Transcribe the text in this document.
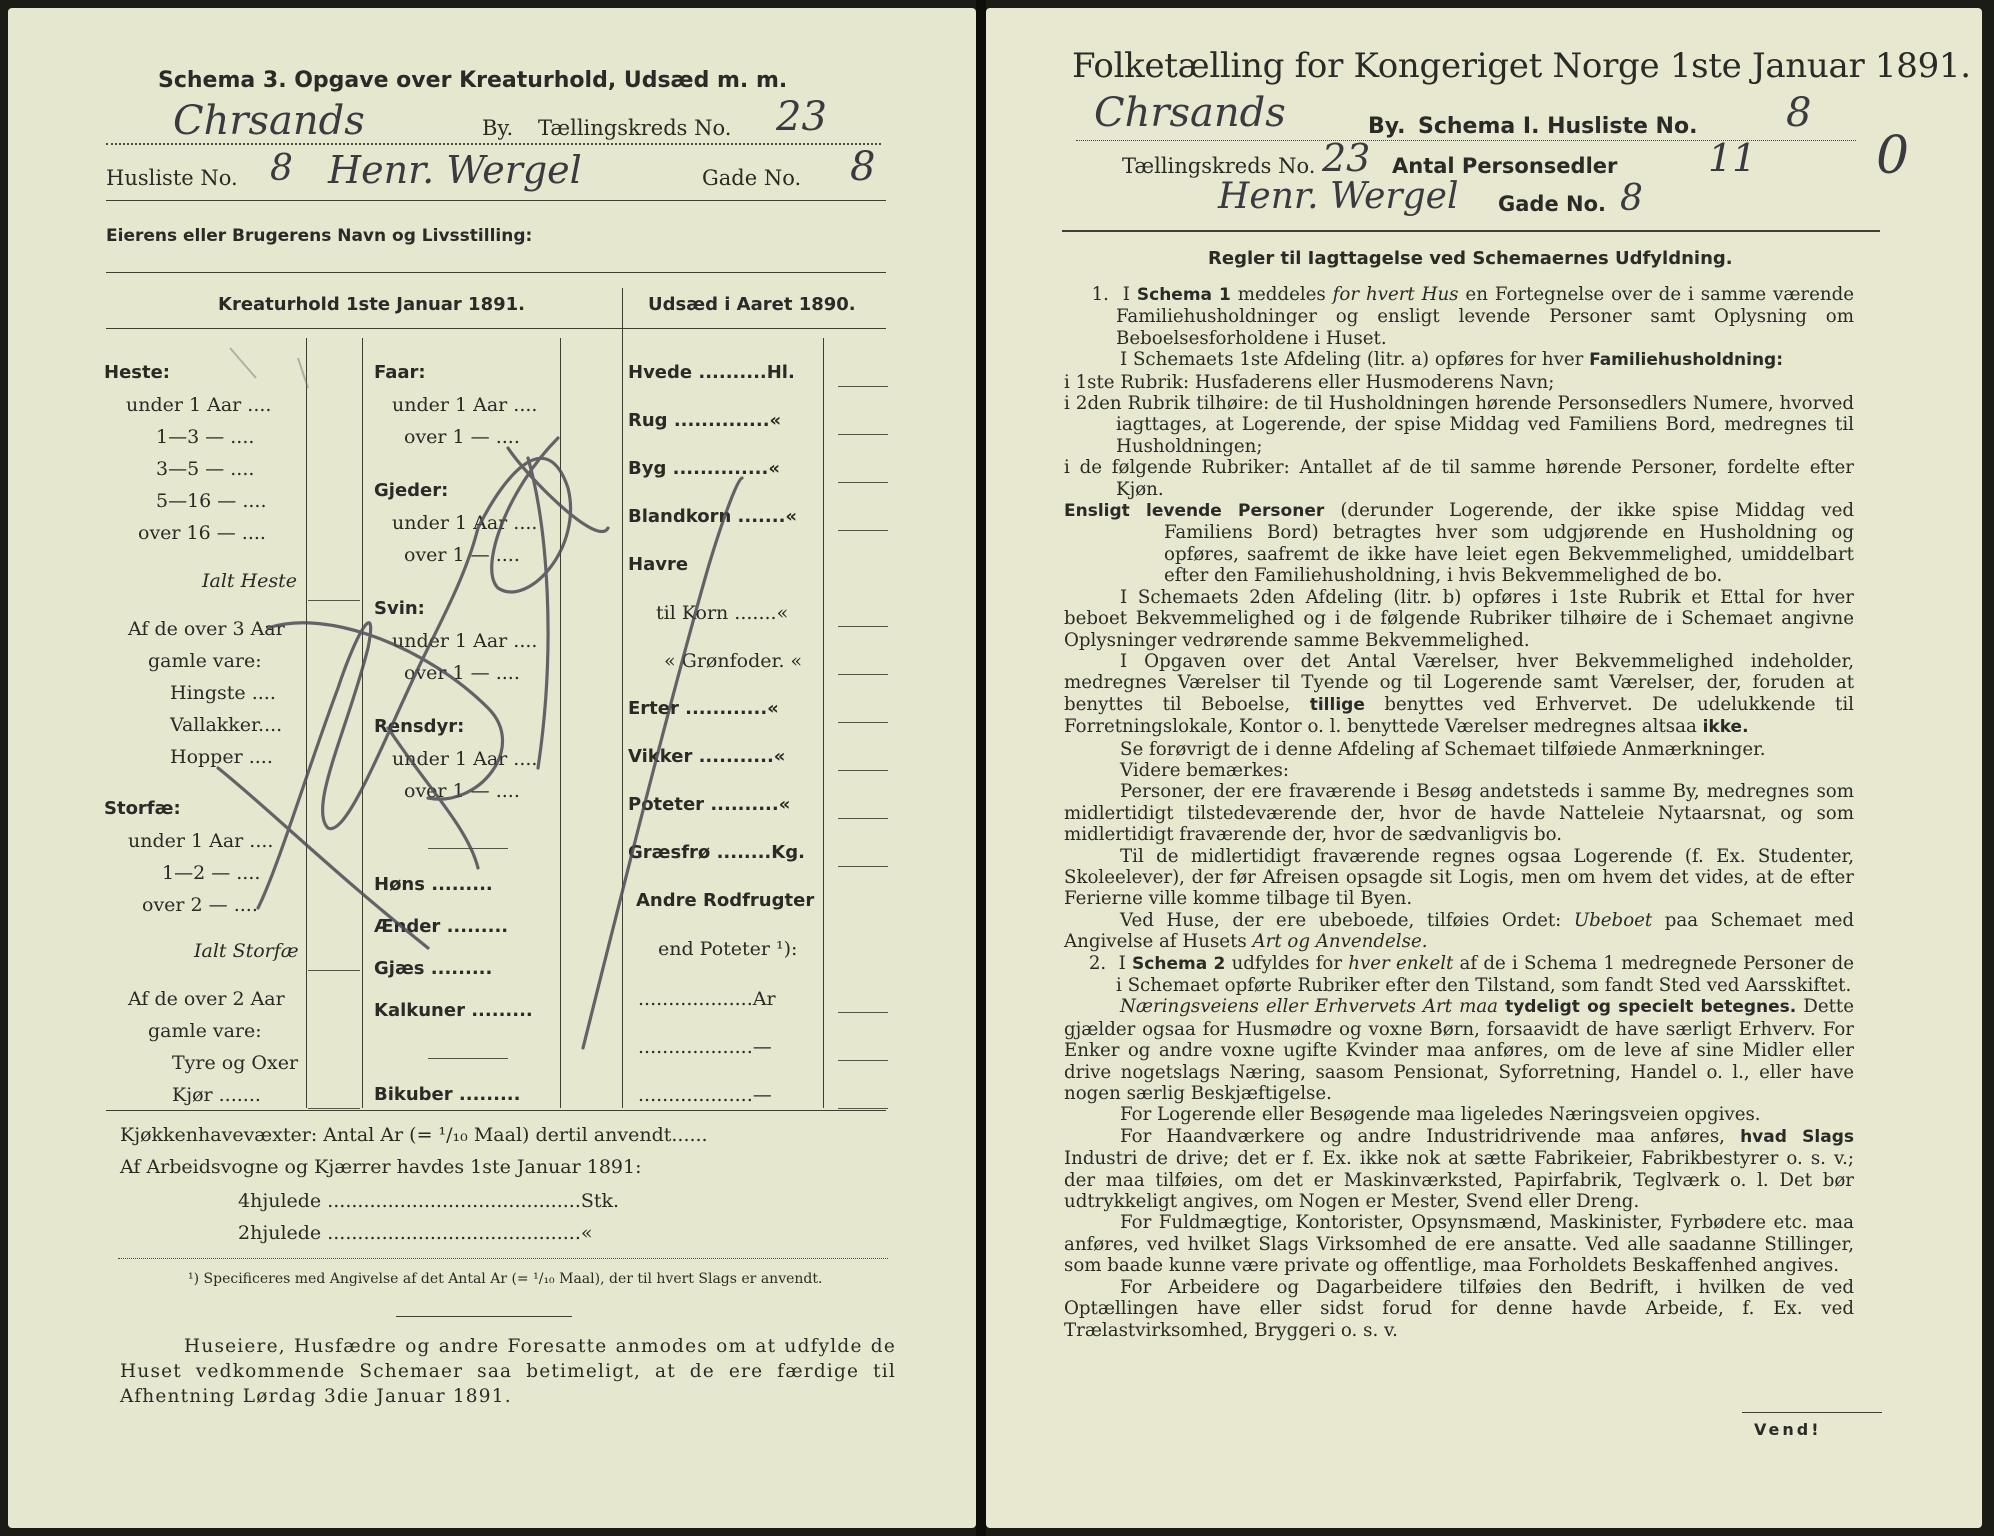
Schema 3. Opgave over Kreaturhold, Udsæd m. m.
Chrsands	By. Tællingskreds No. 23
Husliste No. 8 Henr. Wergel	Gade No. 8
Eierens eller Brugerens Navn og Livsstilling:
Kreaturhold 1ste Januar 1891.	Udsæd i Aaret 1890.
Heste:
under 1 Aar ....
1—3 — ....
3—5 — ....
5—16 — ....
over 16 — ....
Ialt Heste
Af de over 3 Aar
gamle vare:
Hingste ....
Vallakker....
Hopper ....
Storfæ:
under 1 Aar ....
1—2 — ....
over 2 — ....
Ialt Storfæ
Af de over 2 Aar
gamle vare:
Tyre og Oxer
Kjør .......
Faar:
under 1 Aar ....
over 1 — ....
Gjeder:
under 1 Aar ....
over 1 — ....
Svin:
under 1 Aar ....
over 1 — ....
Rensdyr:
under 1 Aar ....
over 1 — ....
Høns .........
Ænder .........
Gjæs .........
Kalkuner .........
Bikuber .........
Hvede ..........Hl.
Rug ..............«
Byg ..............«
Blandkorn .......«
Havre
til Korn .......«
« Grønfoder. «
Erter ............«
Vikker ...........«
Poteter ..........«
Græsfrø ........Kg.
Andre Rodfrugter
end Poteter ¹):
...................Ar
...................—
...................—
Kjøkkenhavevæxter: Antal Ar (= ¹/₁₀ Maal) dertil anvendt......
Af Arbeidsvogne og Kjærrer havdes 1ste Januar 1891:
4hjulede ..........................................Stk.
2hjulede ..........................................«
¹) Specificeres med Angivelse af det Antal Ar (= ¹/₁₀ Maal), der til hvert Slags er anvendt.
Huseiere, Husfædre og andre Foresatte anmodes om at udfylde de Huset vedkommende Schemaer saa betimeligt, at de ere færdige til Afhentning Lørdag 3die Januar 1891.
Folketælling for Kongeriget Norge 1ste Januar 1891.
Chrsands	By. Schema I. Husliste No. 8
Tællingskreds No. 23 Antal Personsedler 11 0
Henr. Wergel Gade No. 8
Regler til Iagttagelse ved Schemaernes Udfyldning.

1.  I Schema 1 meddeles for hvert Hus en Fortegnelse over de i samme værende Familiehusholdninger og ensligt levende Personer samt Oplysning om Beboelsesforholdene i Huset.

I Schemaets 1ste Afdeling (litr. a) opføres for hver Familiehusholdning:

i 1ste Rubrik: Husfaderens eller Husmoderens Navn;

i 2den Rubrik tilhøire: de til Husholdningen hørende Personsedlers Numere, hvorved iagttages, at Logerende, der spise Middag ved Familiens Bord, medregnes til Husholdningen;

i de følgende Rubriker: Antallet af de til samme hørende Personer, fordelte efter Kjøn.

Ensligt levende Personer (derunder Logerende, der ikke spise Middag ved Familiens Bord) betragtes hver som udgjørende en Husholdning og opføres, saafremt de ikke have leiet egen Bekvemmelighed, umiddelbart efter den Familiehusholdning, i hvis Bekvemmelighed de bo.

I Schemaets 2den Afdeling (litr. b) opføres i 1ste Rubrik et Ettal for hver beboet Bekvemmelighed og i de følgende Rubriker tilhøire de i Schemaet angivne Oplysninger vedrørende samme Bekvemmelighed.

I Opgaven over det Antal Værelser, hver Bekvemmelighed indeholder, medregnes Værelser til Tyende og til Logerende samt Værelser, der, foruden at benyttes til Beboelse, tillige benyttes ved Erhvervet. De udelukkende til Forretningslokale, Kontor o. l. benyttede Værelser medregnes altsaa ikke.

Se forøvrigt de i denne Afdeling af Schemaet tilføiede Anmærkninger.

Videre bemærkes:

Personer, der ere fraværende i Besøg andetsteds i samme By, medregnes som midlertidigt tilstedeværende der, hvor de havde Natteleie Nytaarsnat, og som midlertidigt fraværende der, hvor de sædvanligvis bo.

Til de midlertidigt fraværende regnes ogsaa Logerende (f. Ex. Studenter, Skoleelever), der før Afreisen opsagde sit Logis, men om hvem det vides, at de efter Ferierne ville komme tilbage til Byen.

Ved Huse, der ere ubeboede, tilføies Ordet: Ubeboet paa Schemaet med Angivelse af Husets Art og Anvendelse.

2.  I Schema 2 udfyldes for hver enkelt af de i Schema 1 medregnede Personer de i Schemaet opførte Rubriker efter den Tilstand, som fandt Sted ved Aarsskiftet.

Næringsveiens eller Erhvervets Art maa tydeligt og specielt betegnes. Dette gjælder ogsaa for Husmødre og voxne Børn, forsaavidt de have særligt Erhverv. For Enker og andre voxne ugifte Kvinder maa anføres, om de leve af sine Midler eller drive nogetslags Næring, saasom Pensionat, Syforretning, Handel o. l., eller have nogen særlig Beskjæftigelse.

For Logerende eller Besøgende maa ligeledes Næringsveien opgives.

For Haandværkere og andre Industridrivende maa anføres, hvad Slags Industri de drive; det er f. Ex. ikke nok at sætte Fabrikeier, Fabrikbestyrer o. s. v.; der maa tilføies, om det er Maskinværksted, Papirfabrik, Teglværk o. l. Det bør udtrykkeligt angives, om Nogen er Mester, Svend eller Dreng.

For Fuldmægtige, Kontorister, Opsynsmænd, Maskinister, Fyrbødere etc. maa anføres, ved hvilket Slags Virksomhed de ere ansatte. Ved alle saadanne Stillinger, som baade kunne være private og offentlige, maa Forholdets Beskaffenhed angives.

For Arbeidere og Dagarbeidere tilføies den Bedrift, i hvilken de ved Optællingen have eller sidst forud for denne havde Arbeide, f. Ex. ved Trælastvirksomhed, Bryggeri o. s. v.

Vend!
